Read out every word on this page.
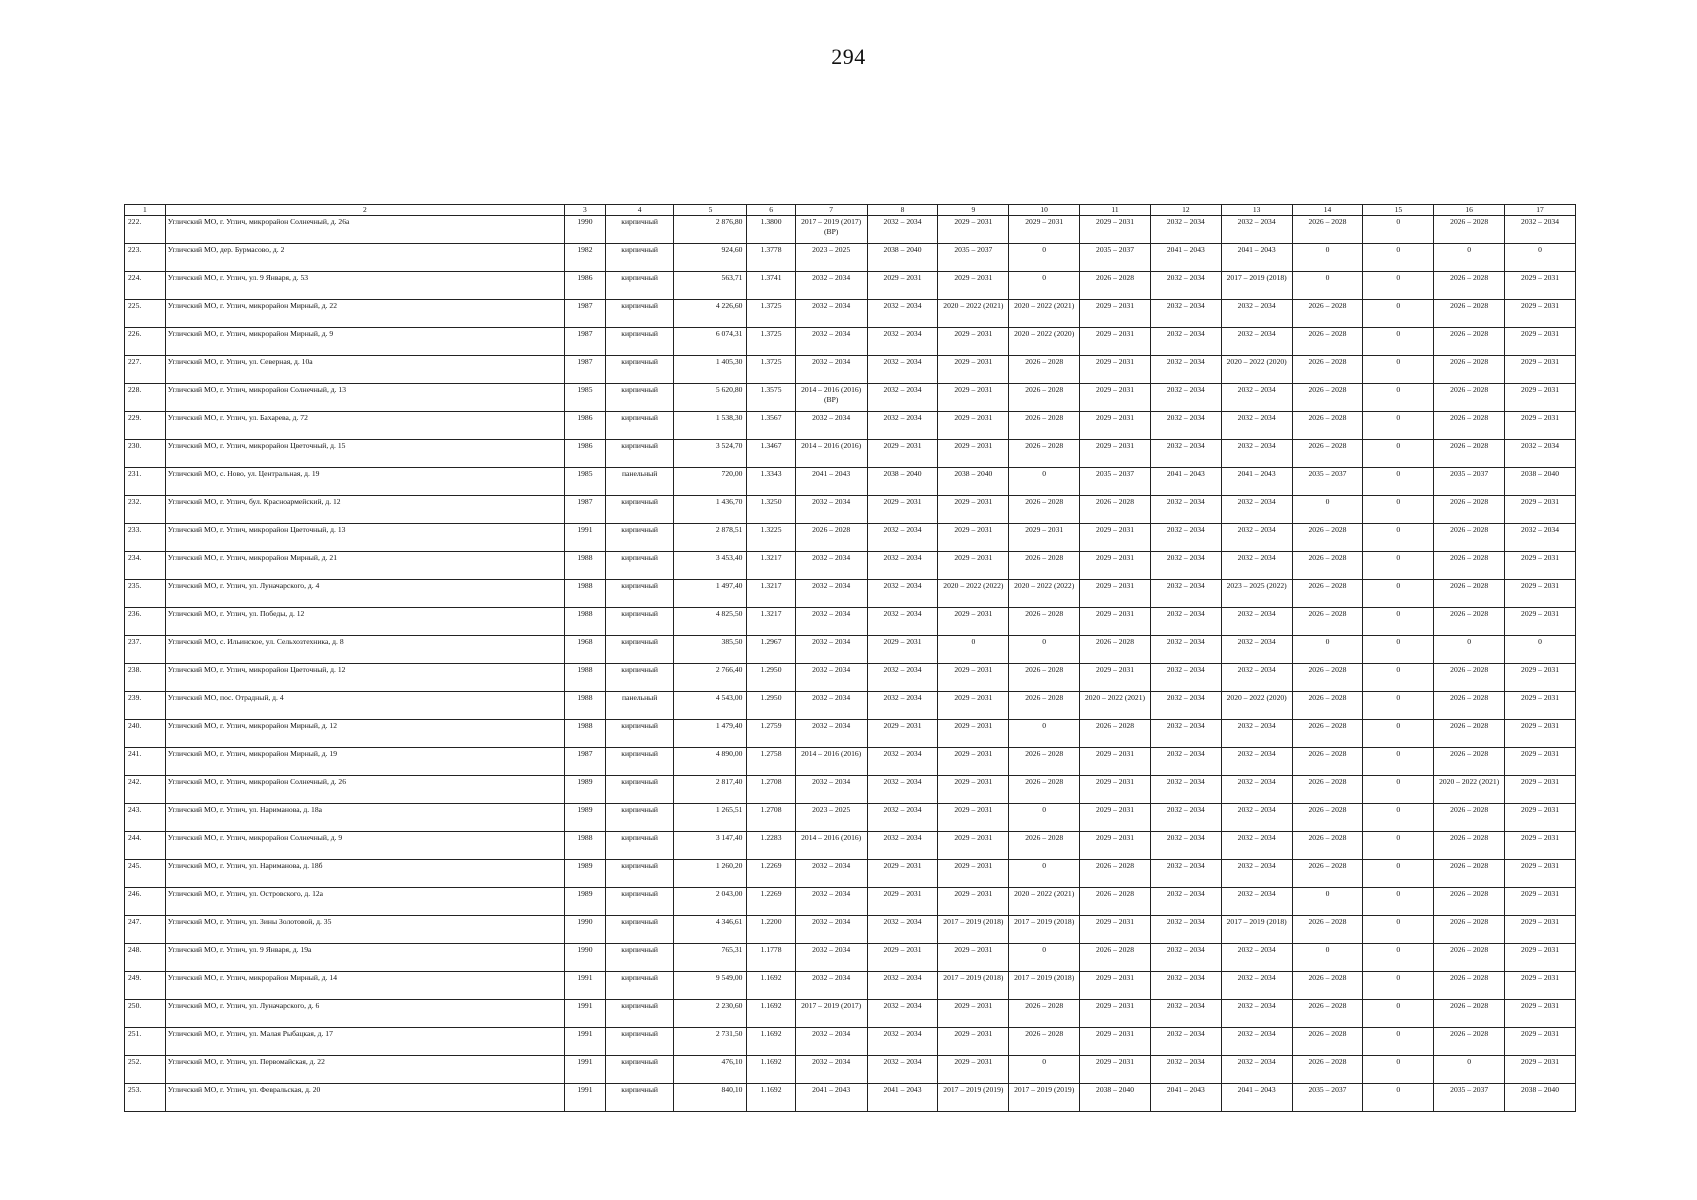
294
1	2	3	4	5	6	7	8	9	10	11	12	13	14	15	16	17
222.	Угличский МО, г. Углич, микрорайон Солнечный, д. 26а	1990	кирпичный	2 876,80	1.3800	2017 – 2019 (2017) (ВР)	2032 – 2034	2029 – 2031	2029 – 2031	2029 – 2031	2032 – 2034	2032 – 2034	2026 – 2028	0	2026 – 2028	2032 – 2034
223.	Угличский МО, дер. Бурмасово, д. 2	1982	кирпичный	924,60	1.3778	2023 – 2025	2038 – 2040	2035 – 2037	0	2035 – 2037	2041 – 2043	2041 – 2043	0	0	0	0
224.	Угличский МО, г. Углич, ул. 9 Января, д. 53	1986	кирпичный	563,71	1.3741	2032 – 2034	2029 – 2031	2029 – 2031	0	2026 – 2028	2032 – 2034	2017 – 2019 (2018)	0	0	2026 – 2028	2029 – 2031
225.	Угличский МО, г. Углич, микрорайон Мирный, д. 22	1987	кирпичный	4 226,60	1.3725	2032 – 2034	2032 – 2034	2020 – 2022 (2021)	2020 – 2022 (2021)	2029 – 2031	2032 – 2034	2032 – 2034	2026 – 2028	0	2026 – 2028	2029 – 2031
226.	Угличский МО, г. Углич, микрорайон Мирный, д. 9	1987	кирпичный	6 074,31	1.3725	2032 – 2034	2032 – 2034	2029 – 2031	2020 – 2022 (2020)	2029 – 2031	2032 – 2034	2032 – 2034	2026 – 2028	0	2026 – 2028	2029 – 2031
227.	Угличский МО, г. Углич, ул. Северная, д. 10а	1987	кирпичный	1 405,30	1.3725	2032 – 2034	2032 – 2034	2029 – 2031	2026 – 2028	2029 – 2031	2032 – 2034	2020 – 2022 (2020)	2026 – 2028	0	2026 – 2028	2029 – 2031
228.	Угличский МО, г. Углич, микрорайон Солнечный, д. 13	1985	кирпичный	5 620,80	1.3575	2014 – 2016 (2016) (ВР)	2032 – 2034	2029 – 2031	2026 – 2028	2029 – 2031	2032 – 2034	2032 – 2034	2026 – 2028	0	2026 – 2028	2029 – 2031
229.	Угличский МО, г. Углич, ул. Бахарева, д. 72	1986	кирпичный	1 538,30	1.3567	2032 – 2034	2032 – 2034	2029 – 2031	2026 – 2028	2029 – 2031	2032 – 2034	2032 – 2034	2026 – 2028	0	2026 – 2028	2029 – 2031
230.	Угличский МО, г. Углич, микрорайон Цветочный, д. 15	1986	кирпичный	3 524,70	1.3467	2014 – 2016 (2016)	2029 – 2031	2029 – 2031	2026 – 2028	2029 – 2031	2032 – 2034	2032 – 2034	2026 – 2028	0	2026 – 2028	2032 – 2034
231.	Угличский МО, с. Ново, ул. Центральная, д. 19	1985	панельный	720,00	1.3343	2041 – 2043	2038 – 2040	2038 – 2040	0	2035 – 2037	2041 – 2043	2041 – 2043	2035 – 2037	0	2035 – 2037	2038 – 2040
232.	Угличский МО, г. Углич, бул. Красноармейский, д. 12	1987	кирпичный	1 436,70	1.3250	2032 – 2034	2029 – 2031	2029 – 2031	2026 – 2028	2026 – 2028	2032 – 2034	2032 – 2034	0	0	2026 – 2028	2029 – 2031
233.	Угличский МО, г. Углич, микрорайон Цветочный, д. 13	1991	кирпичный	2 878,51	1.3225	2026 – 2028	2032 – 2034	2029 – 2031	2029 – 2031	2029 – 2031	2032 – 2034	2032 – 2034	2026 – 2028	0	2026 – 2028	2032 – 2034
234.	Угличский МО, г. Углич, микрорайон Мирный, д. 21	1988	кирпичный	3 453,40	1.3217	2032 – 2034	2032 – 2034	2029 – 2031	2026 – 2028	2029 – 2031	2032 – 2034	2032 – 2034	2026 – 2028	0	2026 – 2028	2029 – 2031
235.	Угличский МО, г. Углич, ул. Луначарского, д. 4	1988	кирпичный	1 497,40	1.3217	2032 – 2034	2032 – 2034	2020 – 2022 (2022)	2020 – 2022 (2022)	2029 – 2031	2032 – 2034	2023 – 2025 (2022)	2026 – 2028	0	2026 – 2028	2029 – 2031
236.	Угличский МО, г. Углич, ул. Победы, д. 12	1988	кирпичный	4 825,50	1.3217	2032 – 2034	2032 – 2034	2029 – 2031	2026 – 2028	2029 – 2031	2032 – 2034	2032 – 2034	2026 – 2028	0	2026 – 2028	2029 – 2031
237.	Угличский МО, с. Ильинское, ул. Сельхозтехника, д. 8	1968	кирпичный	385,50	1.2967	2032 – 2034	2029 – 2031	0	0	2026 – 2028	2032 – 2034	2032 – 2034	0	0	0	0
238.	Угличский МО, г. Углич, микрорайон Цветочный, д. 12	1988	кирпичный	2 766,40	1.2950	2032 – 2034	2032 – 2034	2029 – 2031	2026 – 2028	2029 – 2031	2032 – 2034	2032 – 2034	2026 – 2028	0	2026 – 2028	2029 – 2031
239.	Угличский МО, пос. Отрадный, д. 4	1988	панельный	4 543,00	1.2950	2032 – 2034	2032 – 2034	2029 – 2031	2026 – 2028	2020 – 2022 (2021)	2032 – 2034	2020 – 2022 (2020)	2026 – 2028	0	2026 – 2028	2029 – 2031
240.	Угличский МО, г. Углич, микрорайон Мирный, д. 12	1988	кирпичный	1 479,40	1.2759	2032 – 2034	2029 – 2031	2029 – 2031	0	2026 – 2028	2032 – 2034	2032 – 2034	2026 – 2028	0	2026 – 2028	2029 – 2031
241.	Угличский МО, г. Углич, микрорайон Мирный, д. 19	1987	кирпичный	4 890,00	1.2758	2014 – 2016 (2016)	2032 – 2034	2029 – 2031	2026 – 2028	2029 – 2031	2032 – 2034	2032 – 2034	2026 – 2028	0	2026 – 2028	2029 – 2031
242.	Угличский МО, г. Углич, микрорайон Солнечный, д. 26	1989	кирпичный	2 817,40	1.2708	2032 – 2034	2032 – 2034	2029 – 2031	2026 – 2028	2029 – 2031	2032 – 2034	2032 – 2034	2026 – 2028	0	2020 – 2022 (2021)	2029 – 2031
243.	Угличский МО, г. Углич, ул. Нариманова, д. 18а	1989	кирпичный	1 265,51	1.2708	2023 – 2025	2032 – 2034	2029 – 2031	0	2029 – 2031	2032 – 2034	2032 – 2034	2026 – 2028	0	2026 – 2028	2029 – 2031
244.	Угличский МО, г. Углич, микрорайон Солнечный, д. 9	1988	кирпичный	3 147,40	1.2283	2014 – 2016 (2016)	2032 – 2034	2029 – 2031	2026 – 2028	2029 – 2031	2032 – 2034	2032 – 2034	2026 – 2028	0	2026 – 2028	2029 – 2031
245.	Угличский МО, г. Углич, ул. Нариманова, д. 18б	1989	кирпичный	1 260,20	1.2269	2032 – 2034	2029 – 2031	2029 – 2031	0	2026 – 2028	2032 – 2034	2032 – 2034	2026 – 2028	0	2026 – 2028	2029 – 2031
246.	Угличский МО, г. Углич, ул. Островского, д. 12а	1989	кирпичный	2 043,00	1.2269	2032 – 2034	2029 – 2031	2029 – 2031	2020 – 2022 (2021)	2026 – 2028	2032 – 2034	2032 – 2034	0	0	2026 – 2028	2029 – 2031
247.	Угличский МО, г. Углич, ул. Зины Золотовой, д. 35	1990	кирпичный	4 346,61	1.2200	2032 – 2034	2032 – 2034	2017 – 2019 (2018)	2017 – 2019 (2018)	2029 – 2031	2032 – 2034	2017 – 2019 (2018)	2026 – 2028	0	2026 – 2028	2029 – 2031
248.	Угличский МО, г. Углич, ул. 9 Января, д. 19а	1990	кирпичный	765,31	1.1778	2032 – 2034	2029 – 2031	2029 – 2031	0	2026 – 2028	2032 – 2034	2032 – 2034	0	0	2026 – 2028	2029 – 2031
249.	Угличский МО, г. Углич, микрорайон Мирный, д. 14	1991	кирпичный	9 549,00	1.1692	2032 – 2034	2032 – 2034	2017 – 2019 (2018)	2017 – 2019 (2018)	2029 – 2031	2032 – 2034	2032 – 2034	2026 – 2028	0	2026 – 2028	2029 – 2031
250.	Угличский МО, г. Углич, ул. Луначарского, д. 6	1991	кирпичный	2 230,60	1.1692	2017 – 2019 (2017)	2032 – 2034	2029 – 2031	2026 – 2028	2029 – 2031	2032 – 2034	2032 – 2034	2026 – 2028	0	2026 – 2028	2029 – 2031
251.	Угличский МО, г. Углич, ул. Малая Рыбацкая, д. 17	1991	кирпичный	2 731,50	1.1692	2032 – 2034	2032 – 2034	2029 – 2031	2026 – 2028	2029 – 2031	2032 – 2034	2032 – 2034	2026 – 2028	0	2026 – 2028	2029 – 2031
252.	Угличский МО, г. Углич, ул. Первомайская, д. 22	1991	кирпичный	476,10	1.1692	2032 – 2034	2032 – 2034	2029 – 2031	0	2029 – 2031	2032 – 2034	2032 – 2034	2026 – 2028	0	0	2029 – 2031
253.	Угличский МО, г. Углич, ул. Февральская, д. 20	1991	кирпичный	840,10	1.1692	2041 – 2043	2041 – 2043	2017 – 2019 (2019)	2017 – 2019 (2019)	2038 – 2040	2041 – 2043	2041 – 2043	2035 – 2037	0	2035 – 2037	2038 – 2040
